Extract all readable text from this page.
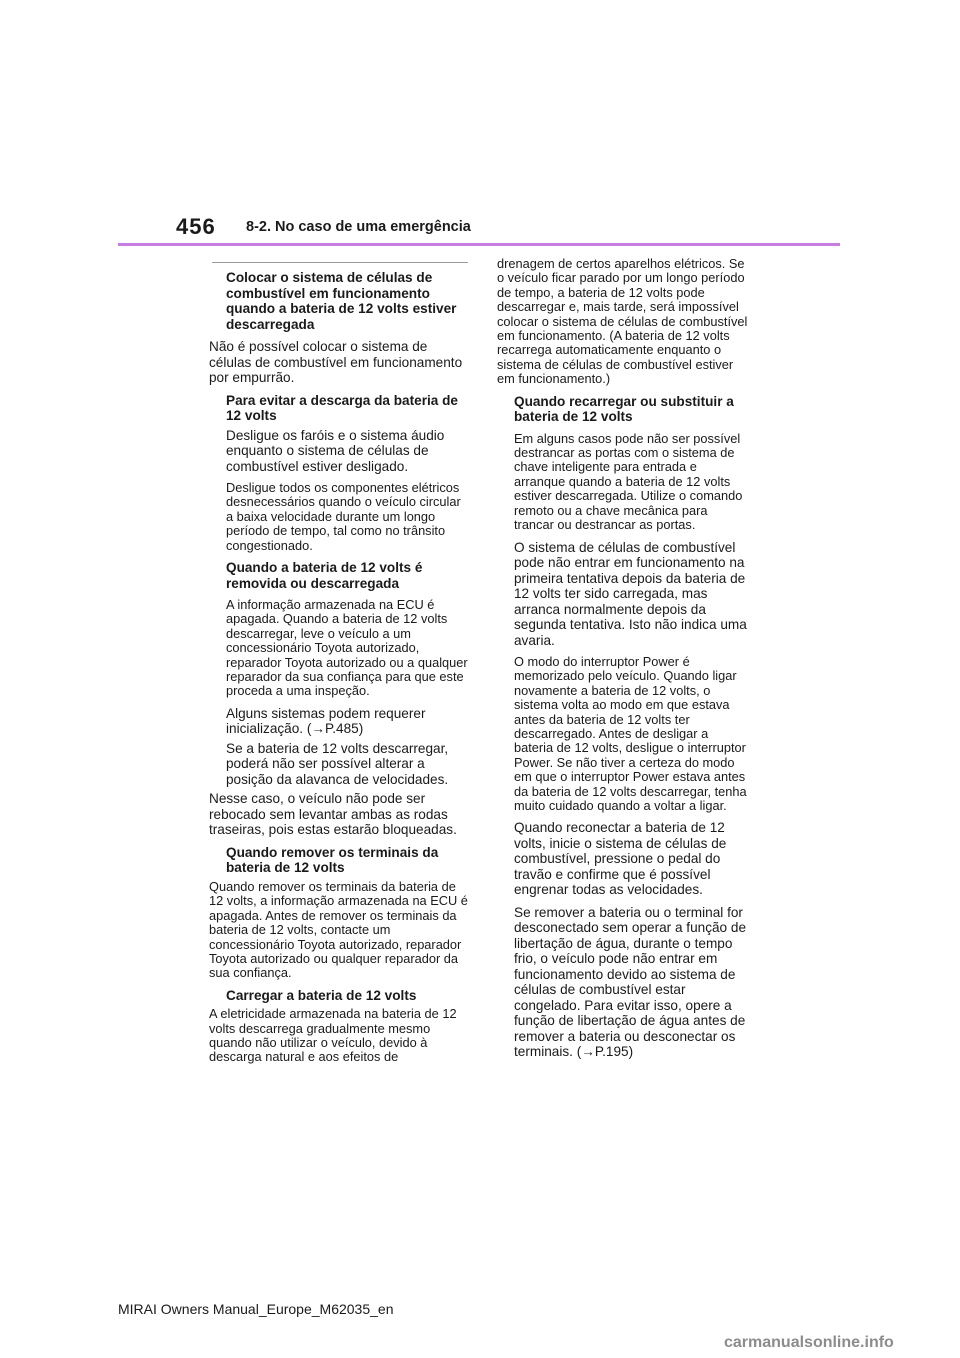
456 8-2. No caso de uma emergência

Colocar o sistema de células de combustível em funcionamento quando a bateria de 12 volts estiver descarregada

Não é possível colocar o sistema de células de combustível em funcionamento por empurrão.

Para evitar a descarga da bateria de 12 volts

Desligue os faróis e o sistema áudio enquanto o sistema de células de combustível estiver desligado.

Desligue todos os componentes elétricos desnecessários quando o veículo circular a baixa velocidade durante um longo período de tempo, tal como no trânsito congestionado.

Quando a bateria de 12 volts é removida ou descarregada

A informação armazenada na ECU é apagada. Quando a bateria de 12 volts descarregar, leve o veículo a um concessionário Toyota autorizado, reparador Toyota autorizado ou a qualquer reparador da sua confiança para que este proceda a uma inspeção.

Alguns sistemas podem requerer inicialização. (→P.485)

Se a bateria de 12 volts descarregar, poderá não ser possível alterar a posição da alavanca de velocidades.

Nesse caso, o veículo não pode ser rebocado sem levantar ambas as rodas traseiras, pois estas estarão bloqueadas.

Quando remover os terminais da bateria de 12 volts

Quando remover os terminais da bateria de 12 volts, a informação armazenada na ECU é apagada. Antes de remover os terminais da bateria de 12 volts, contacte um concessionário Toyota autorizado, reparador Toyota autorizado ou qualquer reparador da sua confiança.

Carregar a bateria de 12 volts

A eletricidade armazenada na bateria de 12 volts descarrega gradualmente mesmo quando não utilizar o veículo, devido à descarga natural e aos efeitos de

drenagem de certos aparelhos elétricos. Se o veículo ficar parado por um longo período de tempo, a bateria de 12 volts pode descarregar e, mais tarde, será impossível colocar o sistema de células de combustível em funcionamento. (A bateria de 12 volts recarrega automaticamente enquanto o sistema de células de combustível estiver em funcionamento.)

Quando recarregar ou substituir a bateria de 12 volts

Em alguns casos pode não ser possível destrancar as portas com o sistema de chave inteligente para entrada e arranque quando a bateria de 12 volts estiver descarregada. Utilize o comando remoto ou a chave mecânica para trancar ou destrancar as portas.

O sistema de células de combustível pode não entrar em funcionamento na primeira tentativa depois da bateria de 12 volts ter sido carregada, mas arranca normalmente depois da segunda tentativa. Isto não indica uma avaria.

O modo do interruptor Power é memorizado pelo veículo. Quando ligar novamente a bateria de 12 volts, o sistema volta ao modo em que estava antes da bateria de 12 volts ter descarregado. Antes de desligar a bateria de 12 volts, desligue o interruptor Power. Se não tiver a certeza do modo em que o interruptor Power estava antes da bateria de 12 volts descarregar, tenha muito cuidado quando a voltar a ligar.

Quando reconectar a bateria de 12 volts, inicie o sistema de células de combustível, pressione o pedal do travão e confirme que é possível engrenar todas as velocidades.

Se remover a bateria ou o terminal for desconectado sem operar a função de libertação de água, durante o tempo frio, o veículo pode não entrar em funcionamento devido ao sistema de células de combustível estar congelado. Para evitar isso, opere a função de libertação de água antes de remover a bateria ou desconectar os terminais. (→P.195)

MIRAI Owners Manual_Europe_M62035_en
carmanualsonline.info
